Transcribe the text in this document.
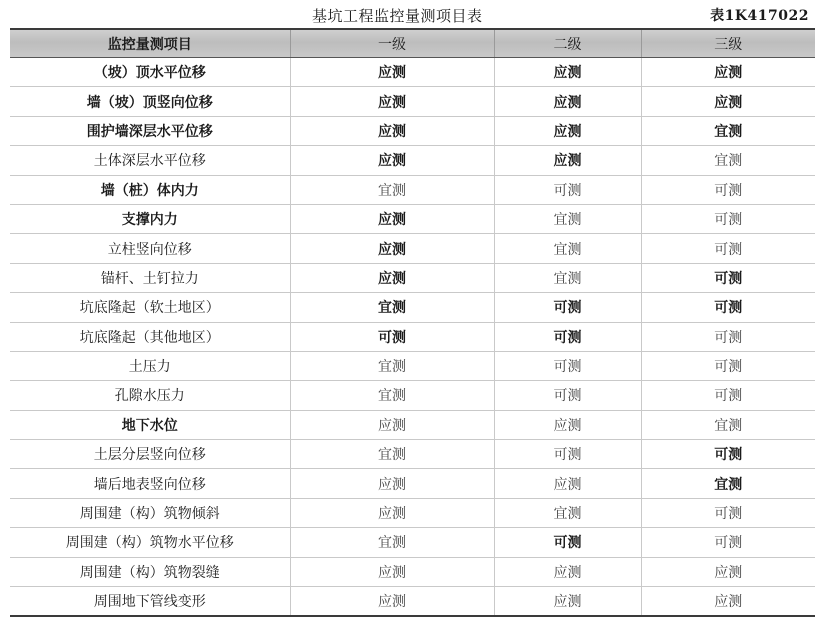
基坑工程监控量测项目表	表1K417022
监控量测项目	一级	二级	三级
（坡）顶水平位移	应测	应测	应测
墙（坡）顶竖向位移	应测	应测	应测
围护墙深层水平位移	应测	应测	宜测
土体深层水平位移	应测	应测	宜测
墙（桩）体内力	宜测	可测	可测
支撑内力	应测	宜测	可测
立柱竖向位移	应测	宜测	可测
锚杆、土钉拉力	应测	宜测	可测
坑底隆起（软土地区）	宜测	可测	可测
坑底隆起（其他地区）	可测	可测	可测
土压力	宜测	可测	可测
孔隙水压力	宜测	可测	可测
地下水位	应测	应测	宜测
土层分层竖向位移	宜测	可测	可测
墙后地表竖向位移	应测	应测	宜测
周围建（构）筑物倾斜	应测	宜测	可测
周围建（构）筑物水平位移	宜测	可测	可测
周围建（构）筑物裂缝	应测	应测	应测
周围地下管线变形	应测	应测	应测
